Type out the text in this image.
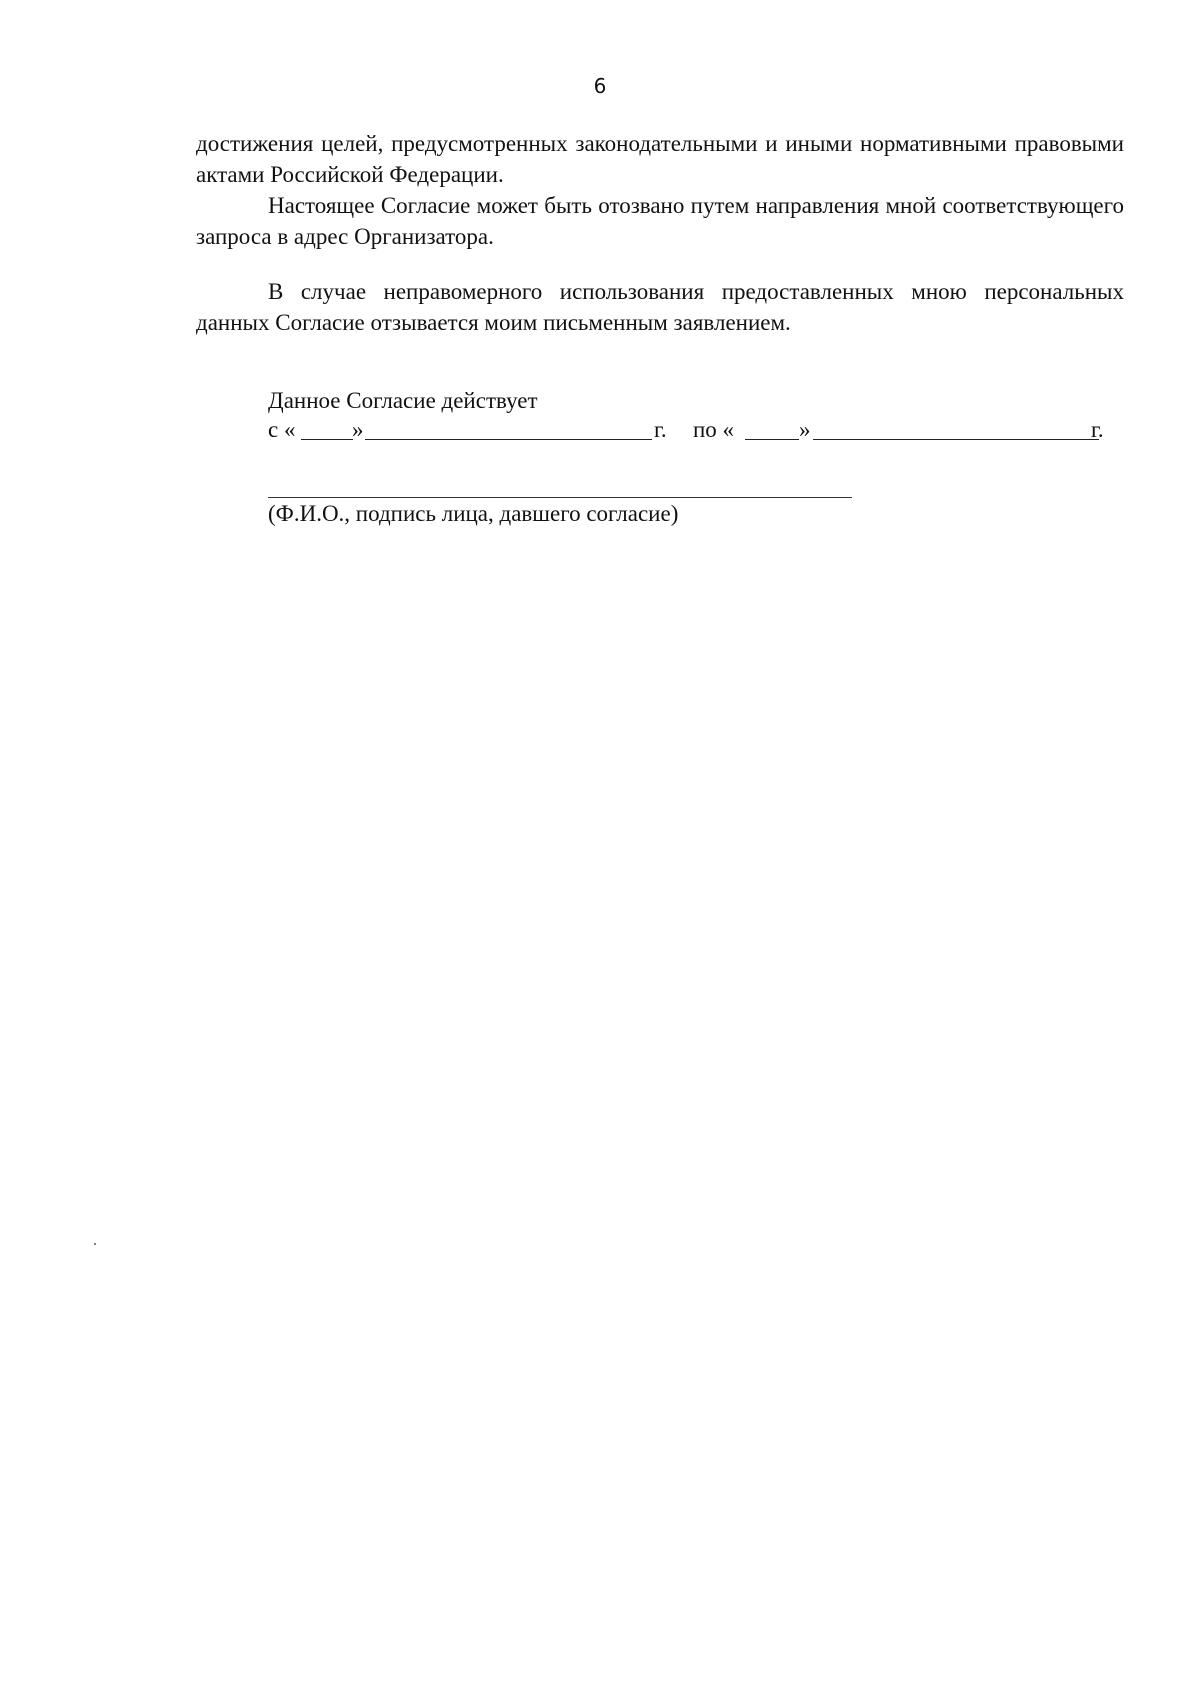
6

достижения целей, предусмотренных законодательными и иными нормативными правовыми актами Российской Федерации.

Настоящее Согласие может быть отозвано путем направления мной соответствующего запроса в адрес Организатора.

В случае неправомерного использования предоставленных мною персональных данных Согласие отзывается моим письменным заявлением.

Данное Согласие действует
с « »	г. по «	»	г.
(Ф.И.О., подпись лица, давшего согласие)
